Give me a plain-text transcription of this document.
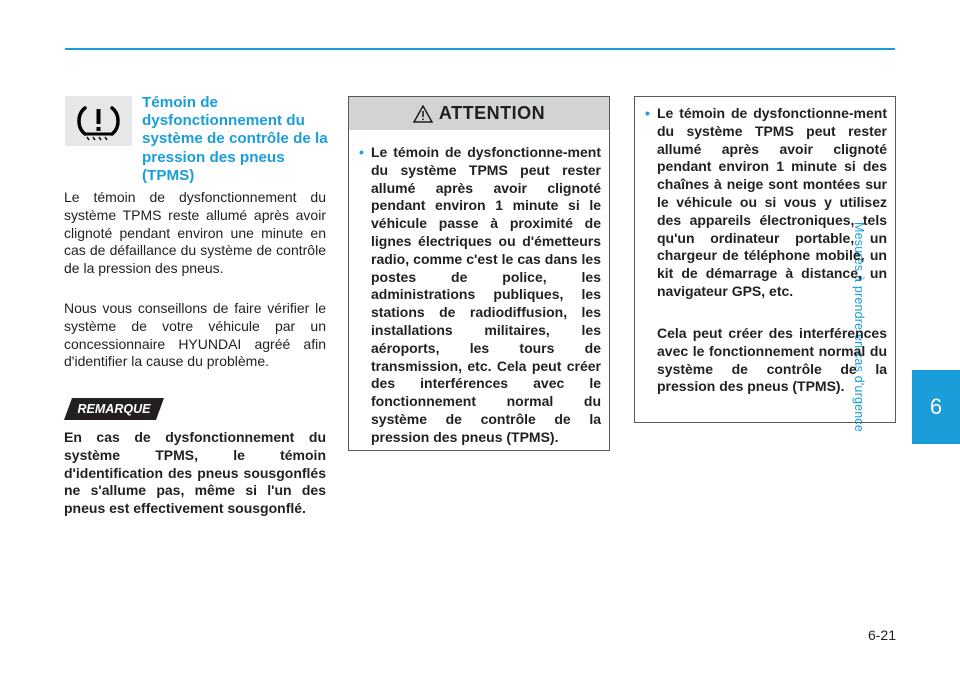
Mesures à prendre en cas d'urgence	6
Témoin de dysfonctionnement du système de contrôle de la pression des pneus (TPMS)

Le témoin de dysfonctionnement du système TPMS reste allumé après avoir clignoté pendant environ une minute en cas de défaillance du système de contrôle de la pression des pneus.

Nous vous conseillons de faire vérifier le système de votre véhicule par un concessionnaire HYUNDAI agréé afin d'identifier la cause du problème.

REMARQUE

En cas de dysfonctionnement du système TPMS, le témoin d'identification des pneus sousgonflés ne s'allume pas, même si l'un des pneus est effectivement sousgonflé.

ATTENTION
• Le témoin de dysfonctionne-ment du système TPMS peut rester allumé après avoir clignoté pendant environ 1 minute si le véhicule passe à proximité de lignes électriques ou d'émetteurs radio, comme c'est le cas dans les postes de police, les administrations publiques, les stations de radiodiffusion, les installations militaires, les aéroports, les tours de transmission, etc. Cela peut créer des interférences avec le fonctionnement normal du système de contrôle de la pression des pneus (TPMS).

• Le témoin de dysfonctionne-ment du système TPMS peut rester allumé après avoir clignoté pendant environ 1 minute si des chaînes à neige sont montées sur le véhicule ou si vous y utilisez des appareils électroniques, tels qu'un ordinateur portable, un chargeur de téléphone mobile, un kit de démarrage à distance, un navigateur GPS, etc.

Cela peut créer des interférences avec le fonctionnement normal du système de contrôle de la pression des pneus (TPMS).

6-21
